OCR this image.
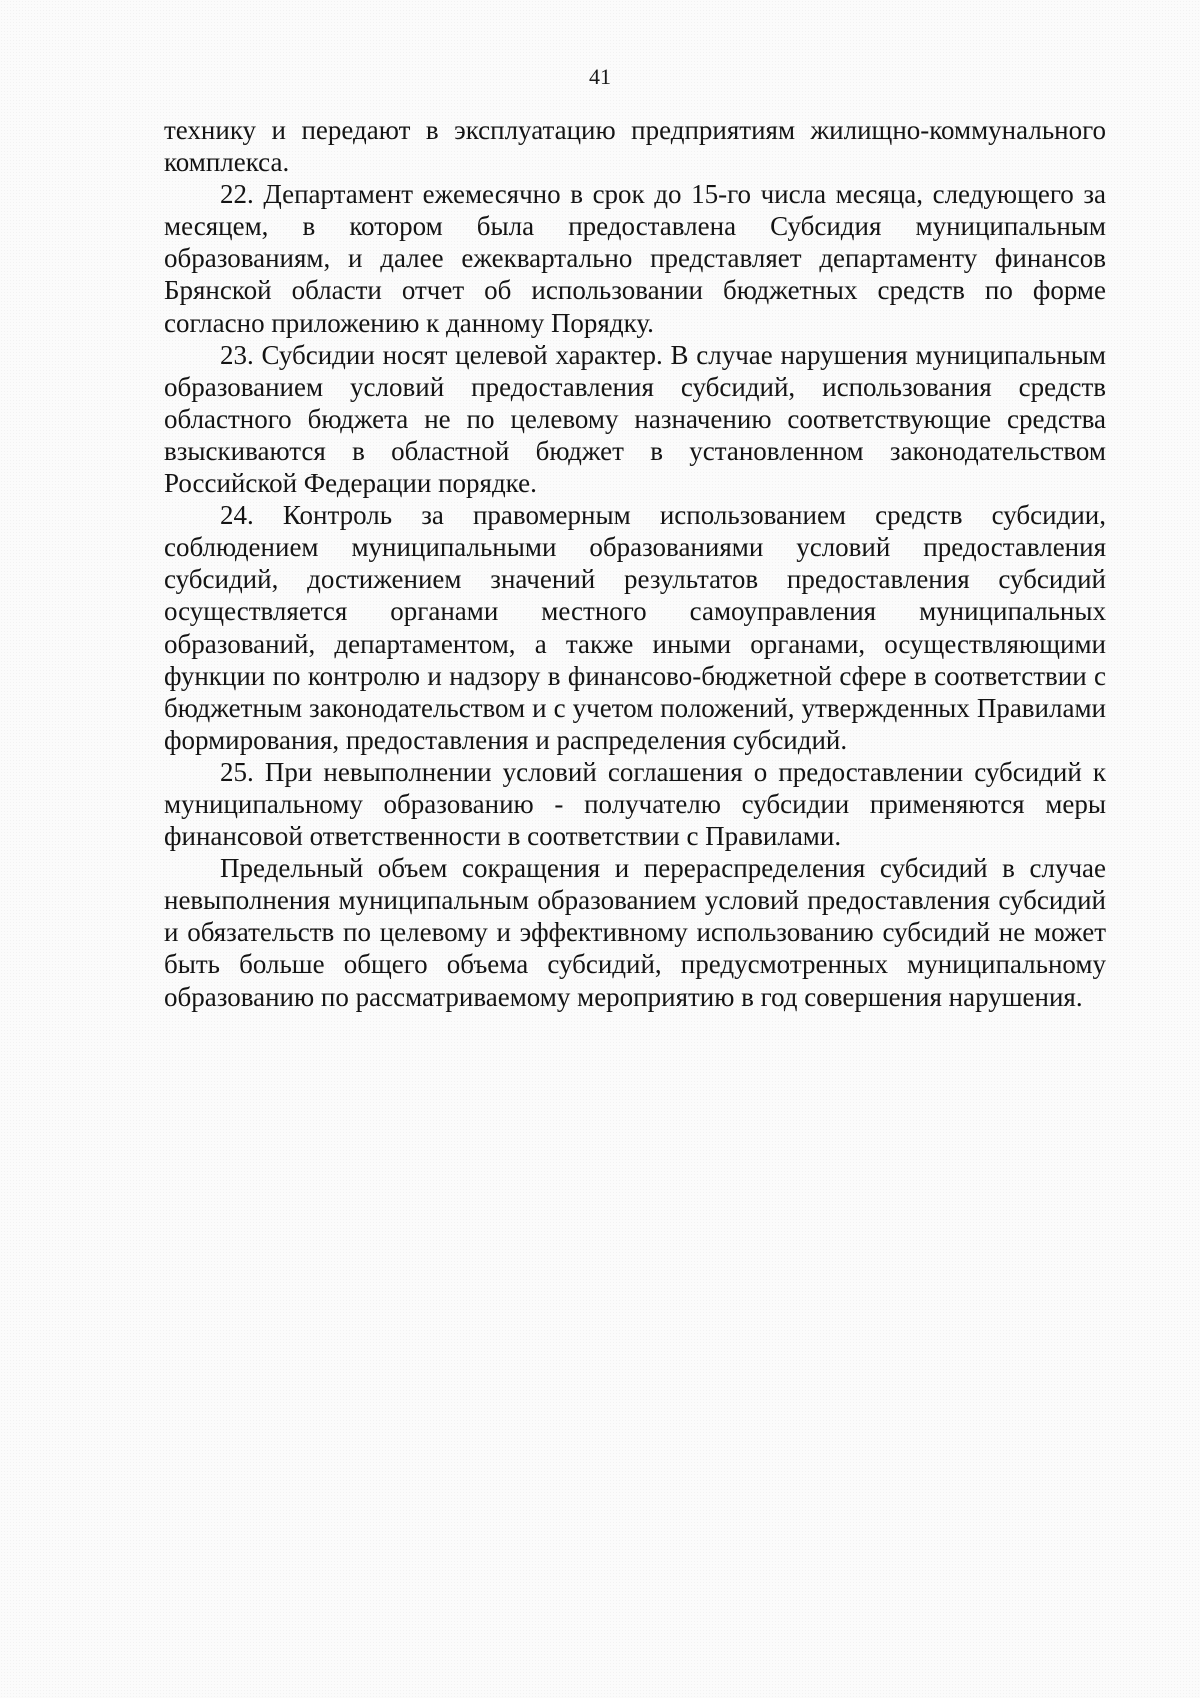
41

технику и передают в эксплуатацию предприятиям жилищно-коммунального комплекса.

22. Департамент ежемесячно в срок до 15-го числа месяца, следующего за месяцем, в котором была предоставлена Субсидия муниципальным образованиям, и далее ежеквартально представляет департаменту финансов Брянской области отчет об использовании бюджетных средств по форме согласно приложению к данному Порядку.

23. Субсидии носят целевой характер. В случае нарушения муниципальным образованием условий предоставления субсидий, использования средств областного бюджета не по целевому назначению соответствующие средства взыскиваются в областной бюджет в установленном законодательством Российской Федерации порядке.

24. Контроль за правомерным использованием средств субсидии, соблюдением муниципальными образованиями условий предоставления субсидий, достижением значений результатов предоставления субсидий осуществляется органами местного самоуправления муниципальных образований, департаментом, а также иными органами, осуществляющими функции по контролю и надзору в финансово-бюджетной сфере в соответствии с бюджетным законодательством и с учетом положений, утвержденных Правилами формирования, предоставления и распределения субсидий.

25. При невыполнении условий соглашения о предоставлении субсидий к муниципальному образованию - получателю субсидии применяются меры финансовой ответственности в соответствии с Правилами.

Предельный объем сокращения и перераспределения субсидий в случае невыполнения муниципальным образованием условий предоставления субсидий и обязательств по целевому и эффективному использованию субсидий не может быть больше общего объема субсидий, предусмотренных муниципальному образованию по рассматриваемому мероприятию в год совершения нарушения.
